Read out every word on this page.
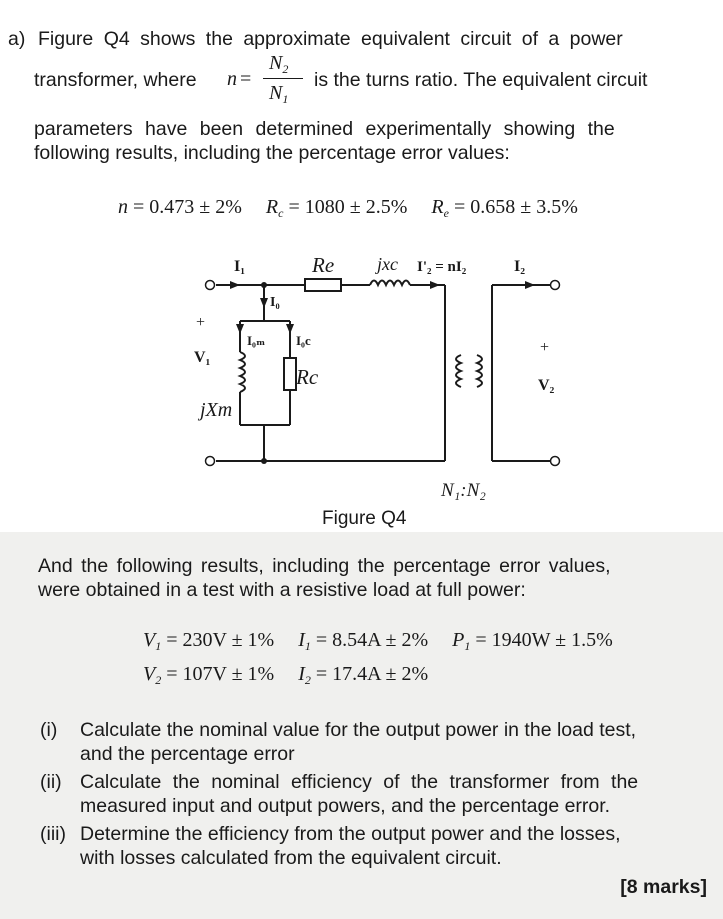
a) Figure Q4 shows the approximate equivalent circuit of a power
transformer, where n =
$N_2$
$N_1$
is the turns ratio. The equivalent circuit
parameters have been determined experimentally showing the
following results, including the percentage error values:
n = 0.473 ± 2% $R_c = 1080 \pm 2.5\%$ $R_e = 0.658 \pm 3.5\%$
I₁	Re jxc I'₂ = nI₂	I₂
I₀
I₀ₘ I₀c
Rc
jXm
+
V₁
+
V₂
N₁:N₂
Figure Q4
And the following results, including the percentage error values,
were obtained in a test with a resistive load at full power:
$V_1 = 230V \pm 1\%$ $I_1 = 8.54A \pm 2\%$ $P_1 = 1940W \pm 1.5\%$
$V_2 = 107V \pm 1\%$ $I_2 = 17.4A \pm 2\%$
(i) Calculate the nominal value for the output power in the load test,
and the percentage error
(ii) Calculate the nominal efficiency of the transformer from the
measured input and output powers, and the percentage error.
(iii) Determine the efficiency from the output power and the losses,
with losses calculated from the equivalent circuit.
[8 marks]
